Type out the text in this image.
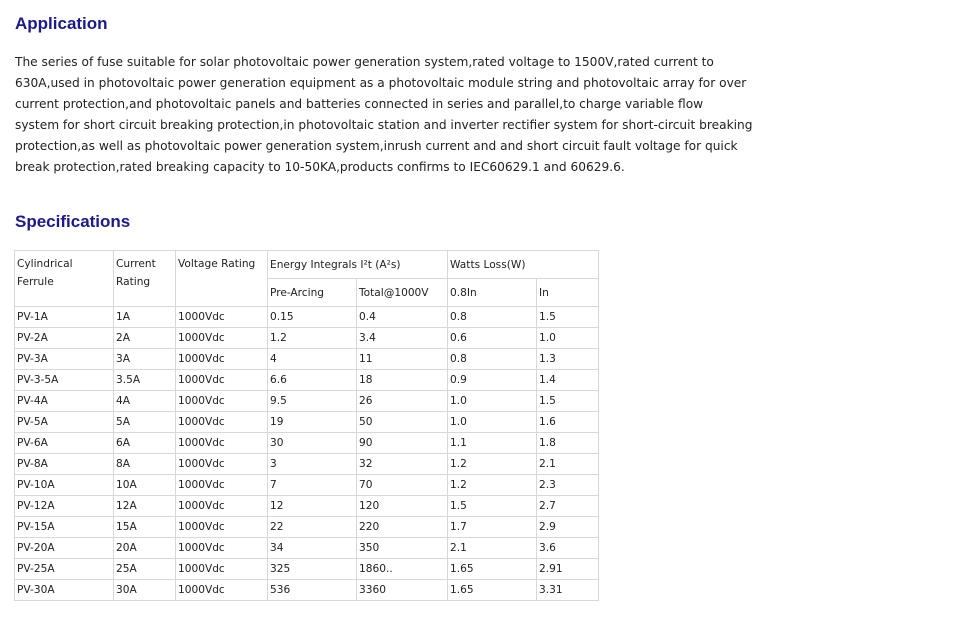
Application

The series of fuse suitable for solar photovoltaic power generation system,rated voltage to 1500V,rated current to
630A,used in photovoltaic power generation equipment as a photovoltaic module string and photovoltaic array for over
current protection,and photovoltaic panels and batteries connected in series and parallel,to charge variable flow
system for short circuit breaking protection,in photovoltaic station and inverter rectifier system for short-circuit breaking
protection,as well as photovoltaic power generation system,inrush current and and short circuit fault voltage for quick
break protection,rated breaking capacity to 10-50KA,products confirms to IEC60629.1 and 60629.6.

Specifications
Cylindrical Ferrule	Current Rating	Voltage Rating	Energy Integrals I²t (A²s)		Watts Loss(W)	
			Pre-Arcing	Total@1000V	0.8In	In
PV-1A	1A	1000Vdc	0.15	0.4	0.8	1.5
PV-2A	2A	1000Vdc	1.2	3.4	0.6	1.0
PV-3A	3A	1000Vdc	4	11	0.8	1.3
PV-3-5A	3.5A	1000Vdc	6.6	18	0.9	1.4
PV-4A	4A	1000Vdc	9.5	26	1.0	1.5
PV-5A	5A	1000Vdc	19	50	1.0	1.6
PV-6A	6A	1000Vdc	30	90	1.1	1.8
PV-8A	8A	1000Vdc	3	32	1.2	2.1
PV-10A	10A	1000Vdc	7	70	1.2	2.3
PV-12A	12A	1000Vdc	12	120	1.5	2.7
PV-15A	15A	1000Vdc	22	220	1.7	2.9
PV-20A	20A	1000Vdc	34	350	2.1	3.6
PV-25A	25A	1000Vdc	325	1860..	1.65	2.91
PV-30A	30A	1000Vdc	536	3360	1.65	3.31
